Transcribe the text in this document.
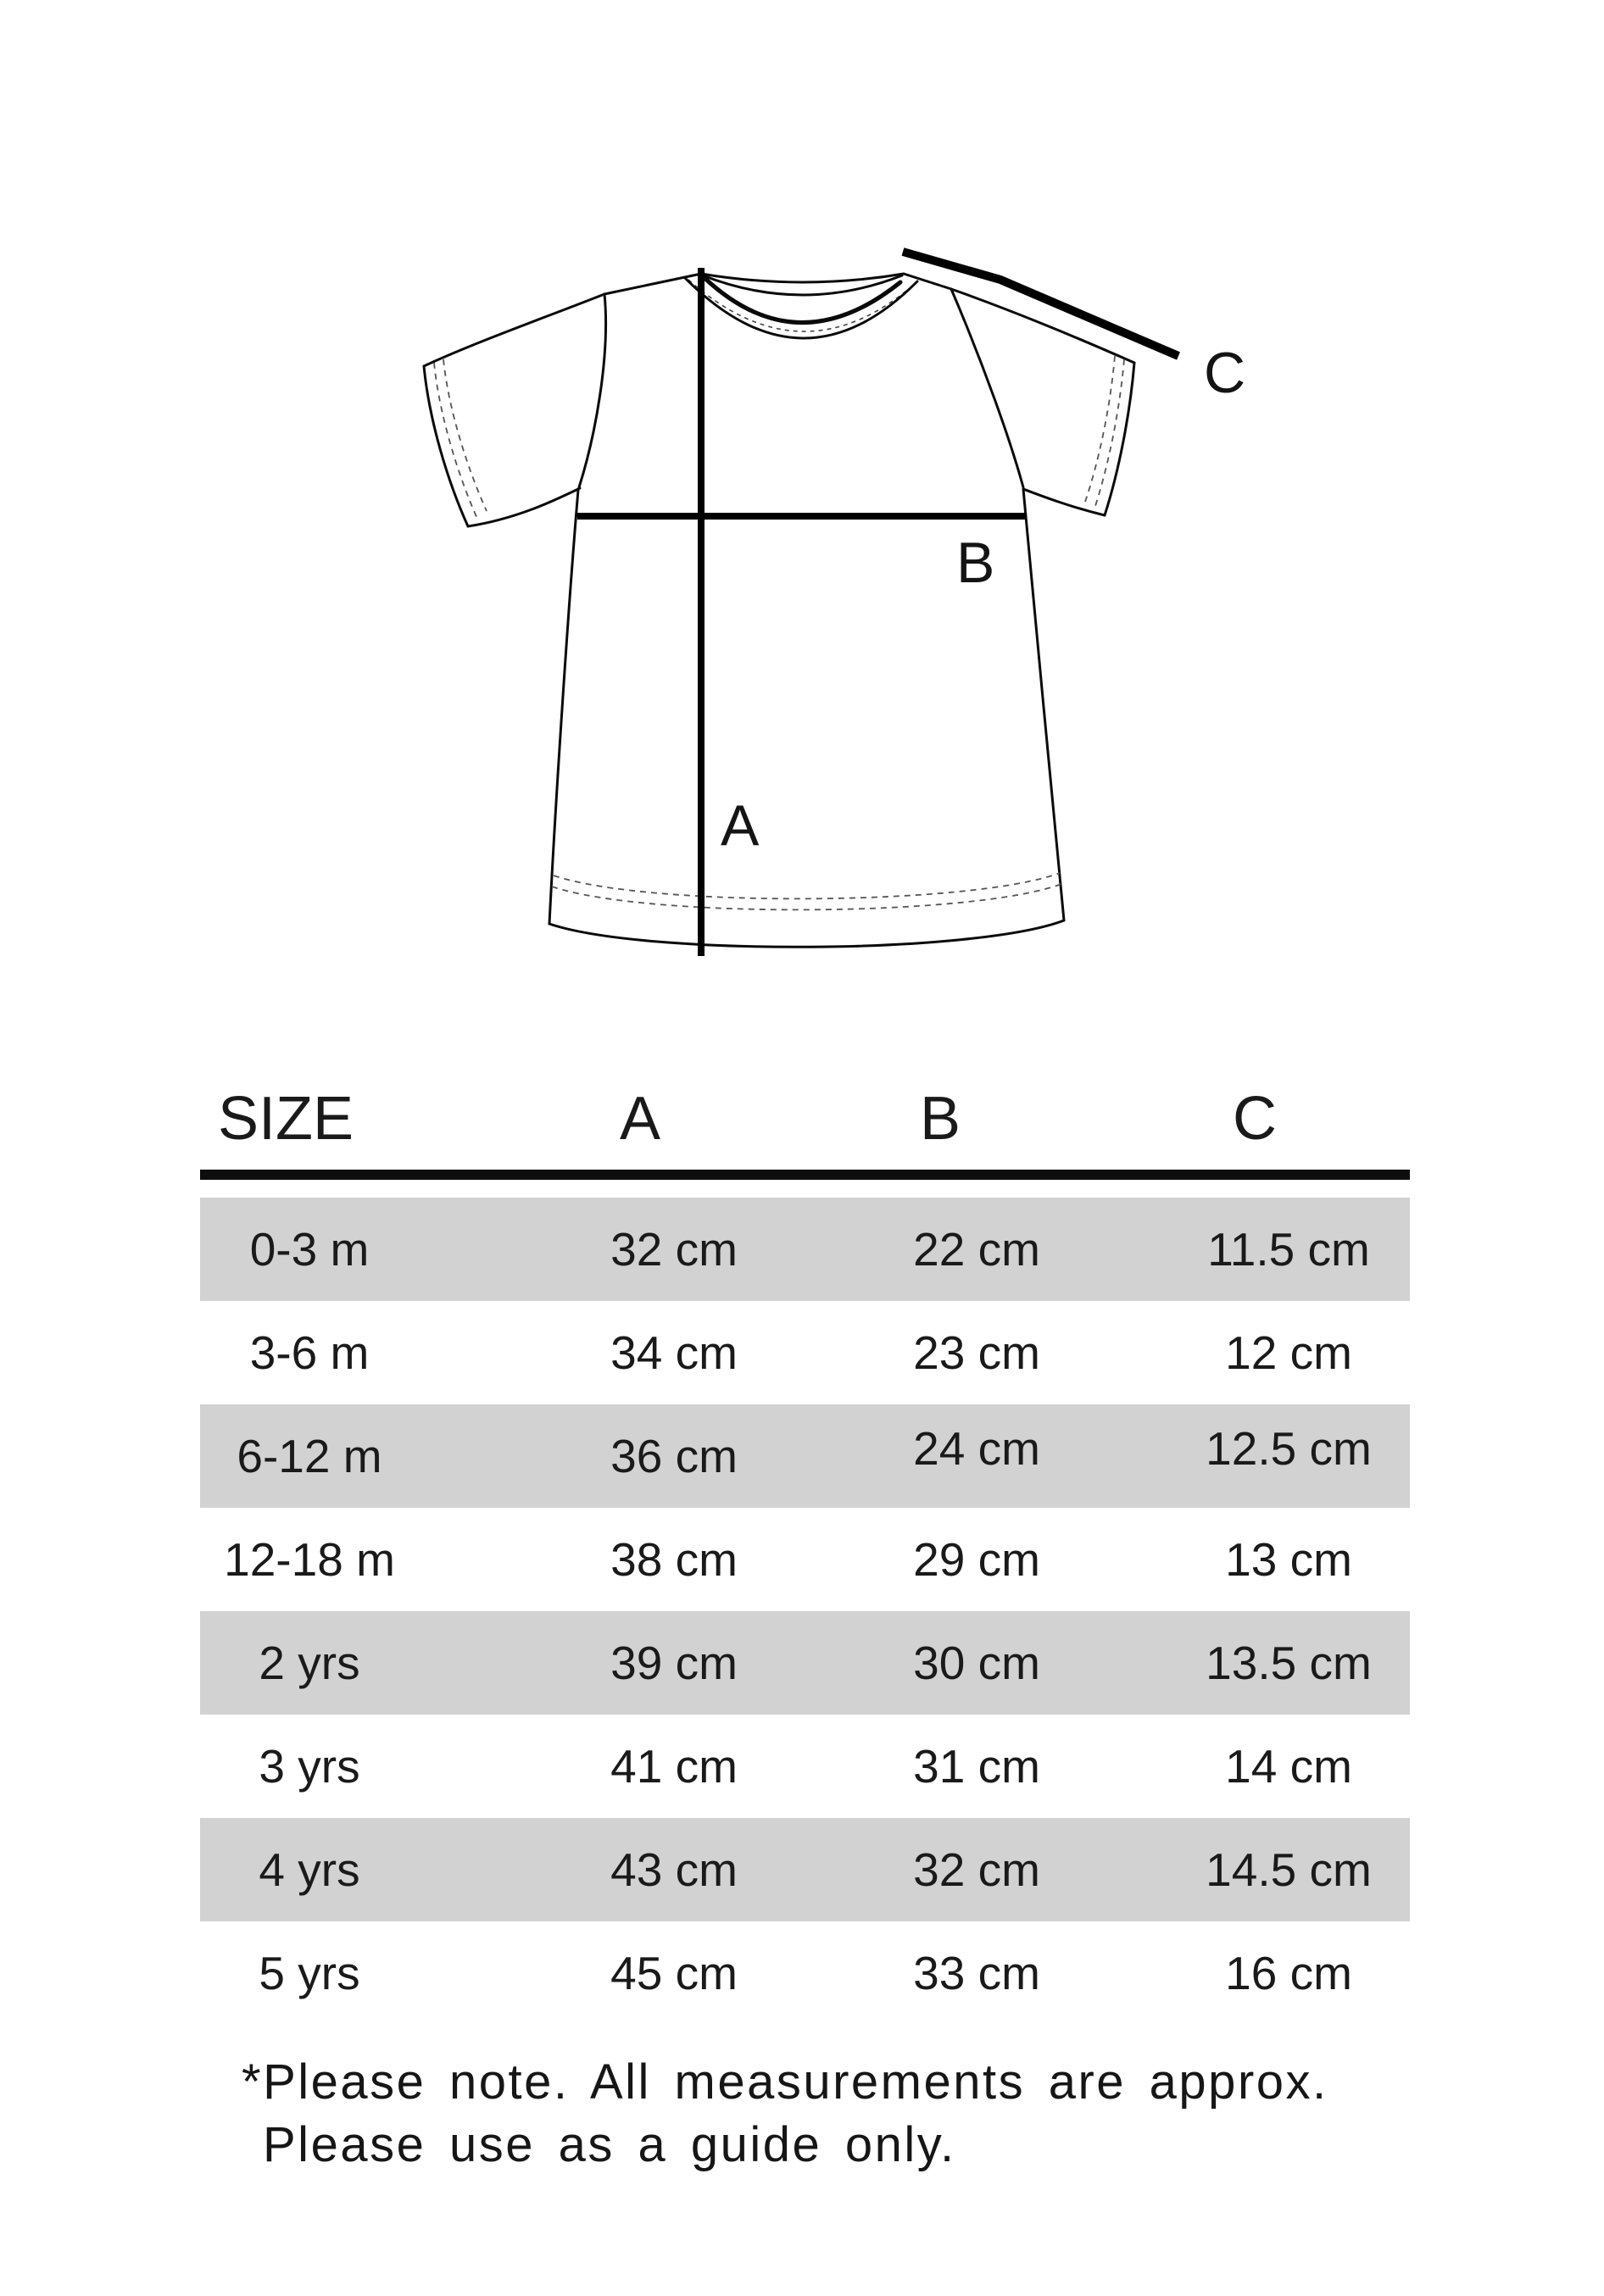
A
B
C
SIZE	A	B	C
0-3 m	32 cm	22 cm	11.5 cm
3-6 m	34 cm	23 cm	12 cm
6-12 m	36 cm	24 cm	12.5 cm
12-18 m	38 cm	29 cm	13 cm
2 yrs	39 cm	30 cm	13.5 cm
3 yrs	41 cm	31 cm	14 cm
4 yrs	43 cm	32 cm	14.5 cm
5 yrs	45 cm	33 cm	16 cm
*Please note. All measurements are approx.
Please use as a guide only.
